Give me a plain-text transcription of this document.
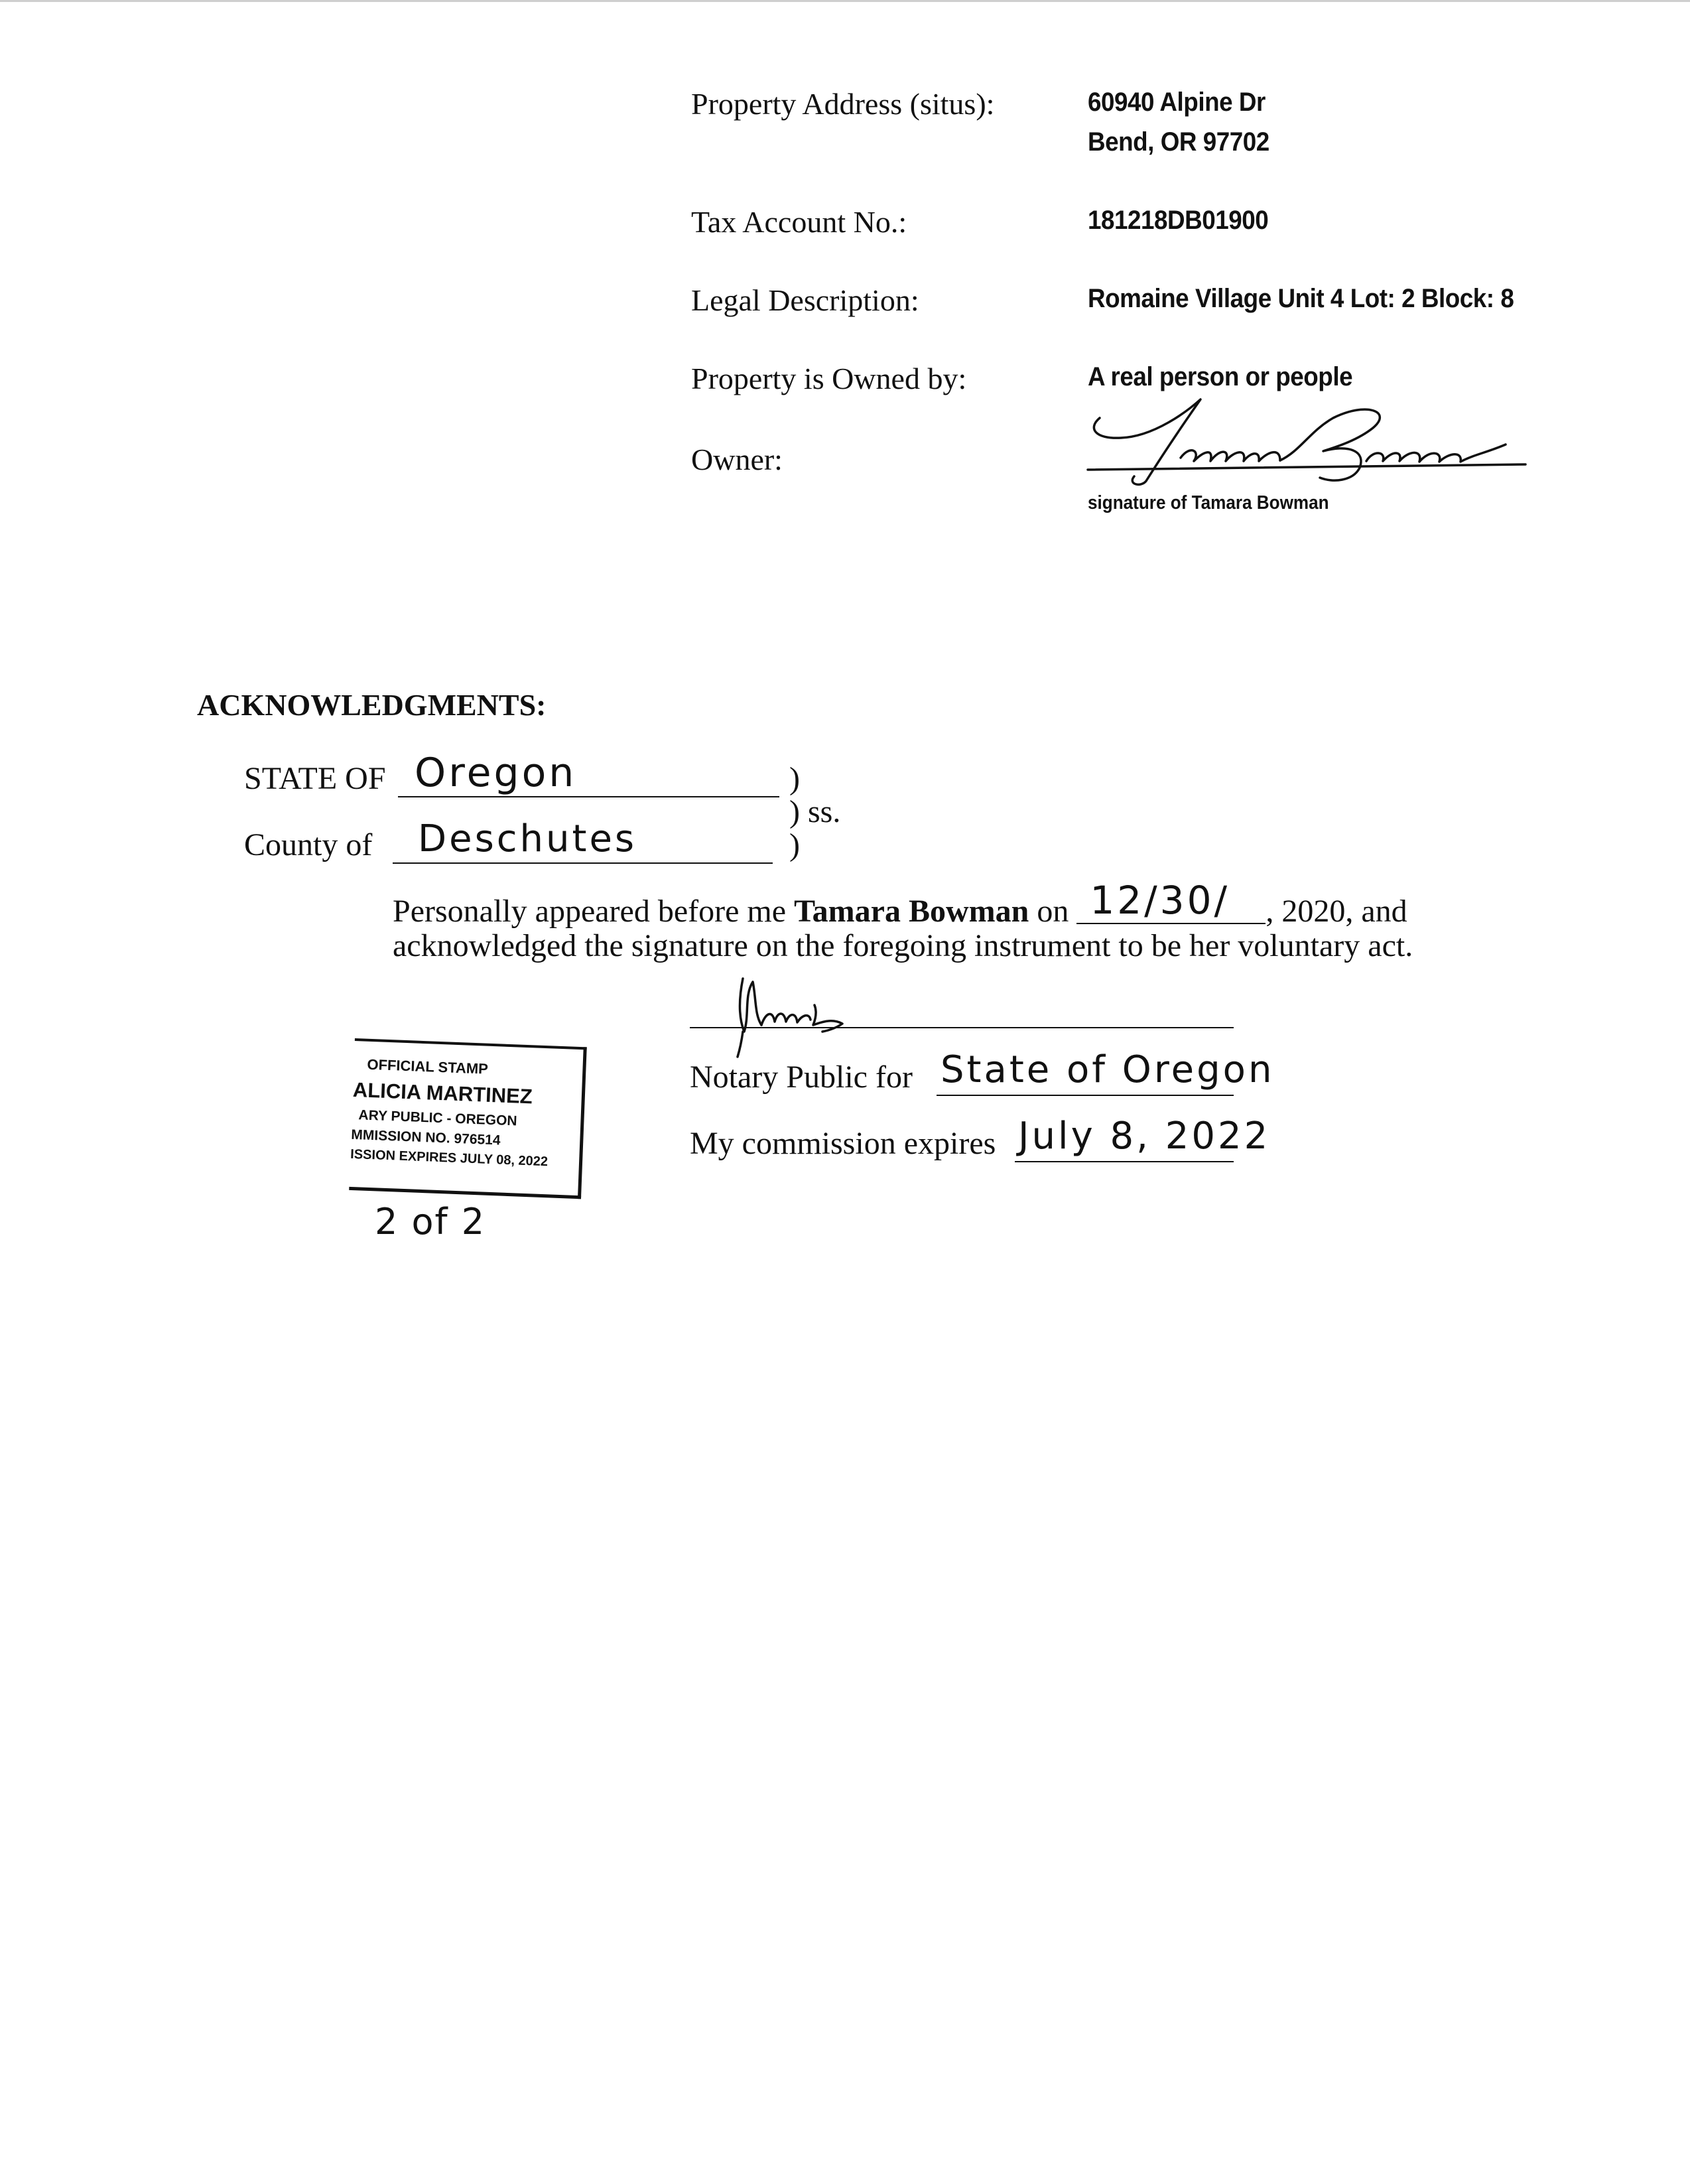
Property Address (situs):	60940 Alpine Dr
Bend, OR 97702
Tax Account No.:	181218DB01900
Legal Description:	Romaine Village Unit 4 Lot: 2 Block: 8
Property is Owned by:	A real person or people
Owner:
signature of Tamara Bowman
ACKNOWLEDGMENTS:
STATE OF Oregon	)
) ss.
County of Deschutes	)
Personally appeared before me Tamara Bowman on 12/30/ , 2020, and
acknowledged the signature on the foregoing instrument to be her voluntary act.
Notary Public for State of Oregon
My commission expires July 8, 2022
OFFICIAL STAMP
ALICIA MARTINEZ
ARY PUBLIC - OREGON
MMISSION NO. 976514
ISSION EXPIRES JULY 08, 2022
2 of 2
